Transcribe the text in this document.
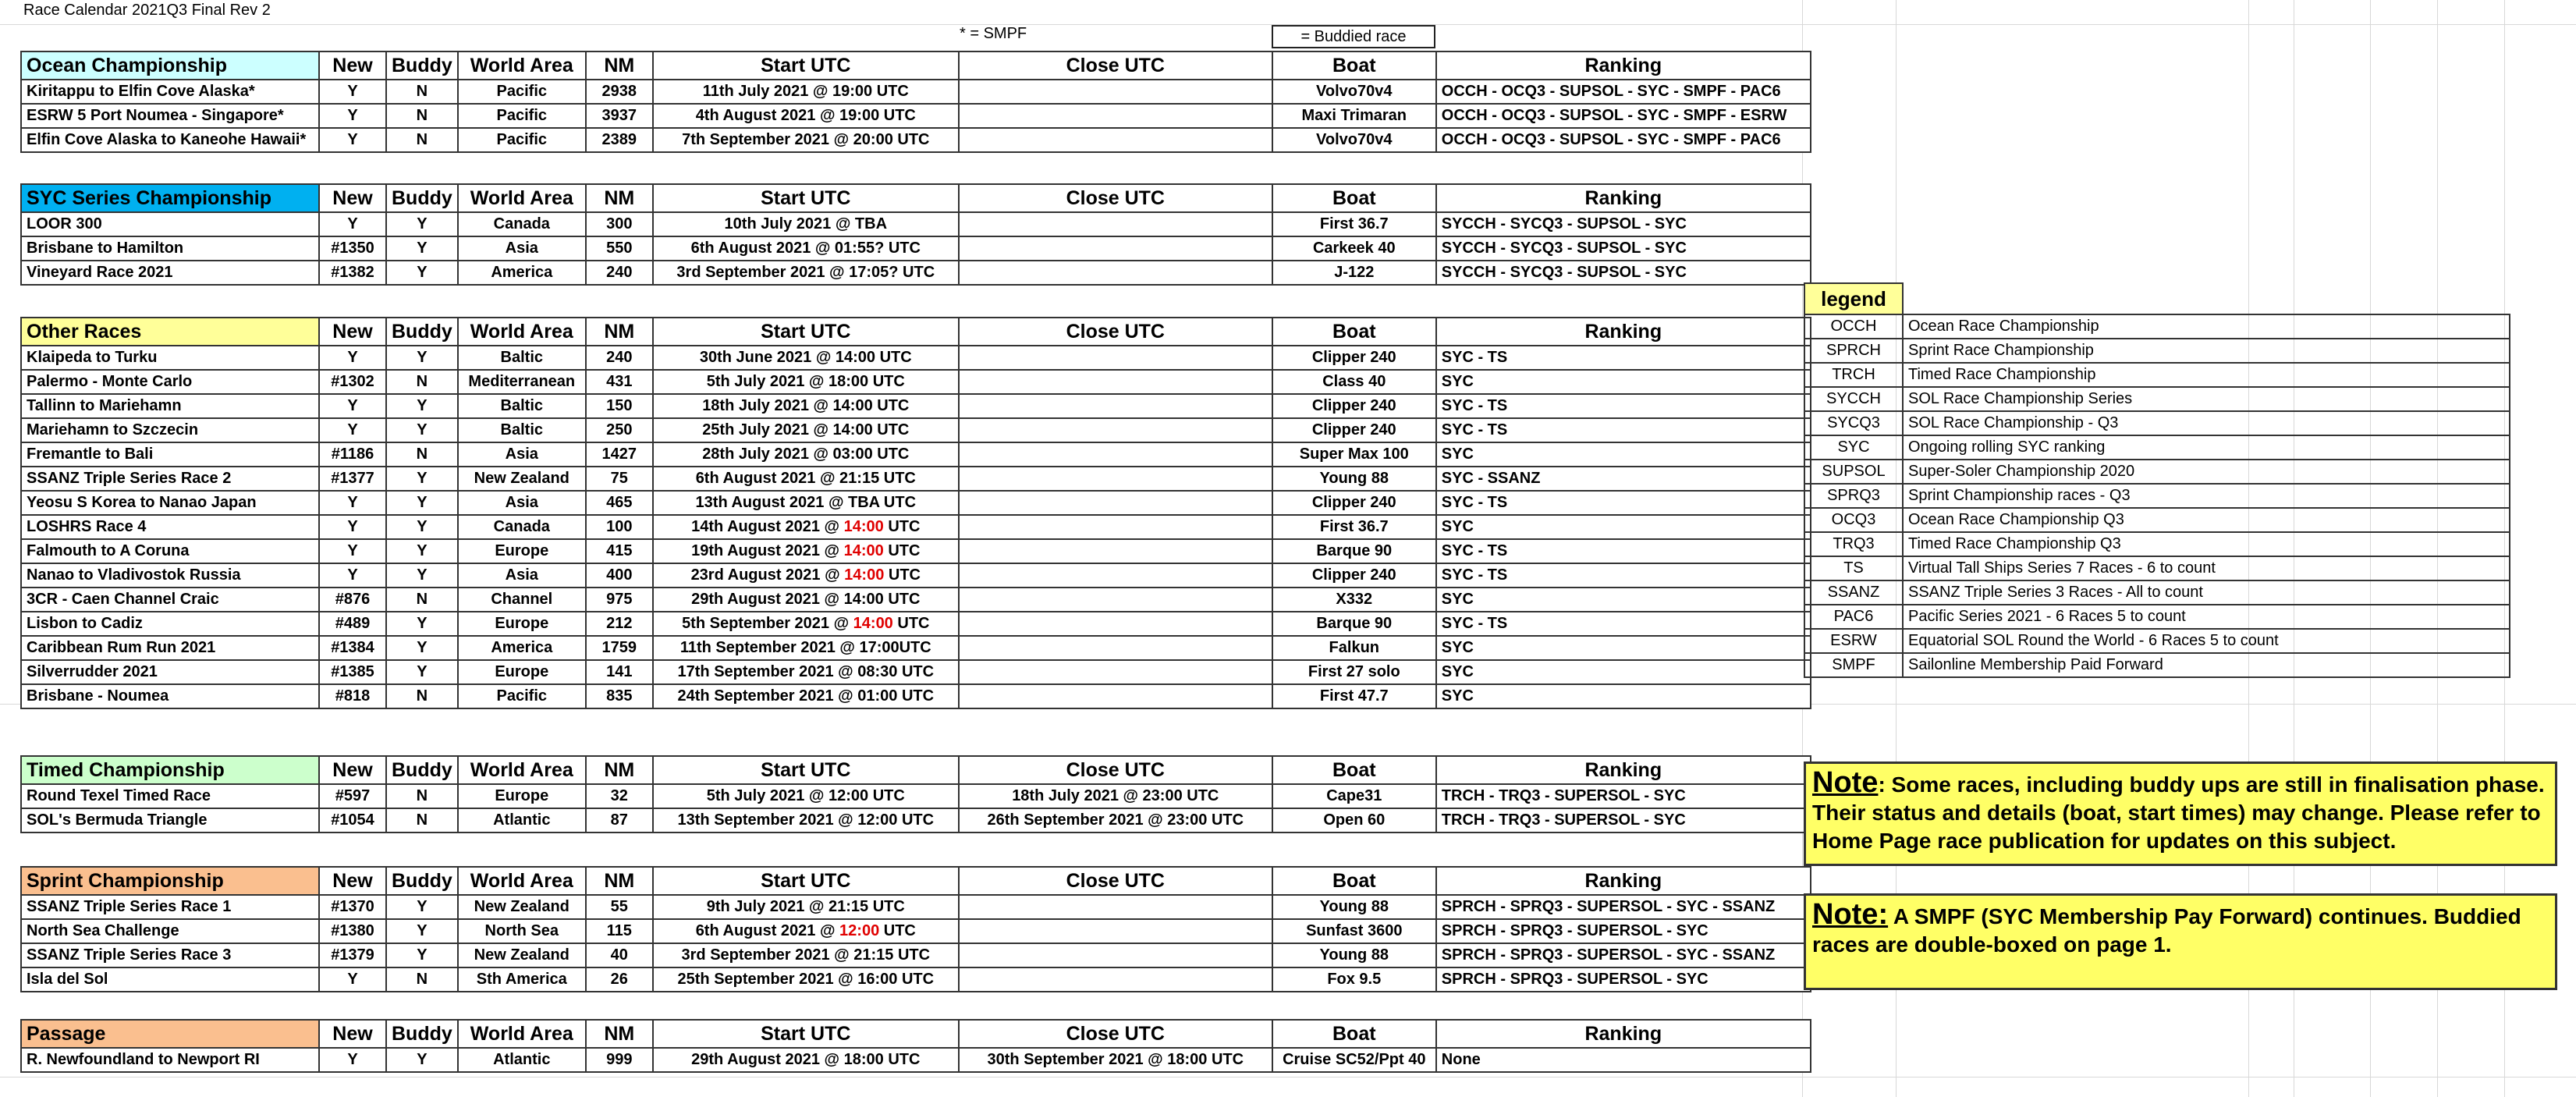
Race Calendar 2021Q3 Final Rev 2
* = SMPF	= Buddied race
Ocean Championship	New	Buddy	World Area	NM	Start UTC	Close UTC	Boat	Ranking
Kiritappu to Elfin Cove Alaska*	Y	N	Pacific	2938	11th July 2021 @ 19:00 UTC		Volvo70v4	OCCH - OCQ3 - SUPSOL - SYC - SMPF - PAC6
ESRW 5 Port Noumea - Singapore*	Y	N	Pacific	3937	4th August 2021 @ 19:00 UTC		Maxi Trimaran	OCCH - OCQ3 - SUPSOL - SYC - SMPF - ESRW
Elfin Cove Alaska to Kaneohe Hawaii*	Y	N	Pacific	2389	7th September 2021 @ 20:00 UTC		Volvo70v4	OCCH - OCQ3 - SUPSOL - SYC - SMPF - PAC6
SYC Series Championship	New	Buddy	World Area	NM	Start UTC	Close UTC	Boat	Ranking
LOOR 300	Y	Y	Canada	300	10th July 2021 @ TBA		First 36.7	SYCCH - SYCQ3 - SUPSOL - SYC
Brisbane to Hamilton	#1350	Y	Asia	550	6th August 2021 @ 01:55? UTC		Carkeek 40	SYCCH - SYCQ3 - SUPSOL - SYC
Vineyard Race 2021	#1382	Y	America	240	3rd September 2021 @ 17:05? UTC		J-122	SYCCH - SYCQ3 - SUPSOL - SYC
Other Races	New	Buddy	World Area	NM	Start UTC	Close UTC	Boat	Ranking
Klaipeda to Turku	Y	Y	Baltic	240	30th June 2021 @ 14:00 UTC		Clipper 240	SYC - TS
Palermo - Monte Carlo	#1302	N	Mediterranean	431	5th July 2021 @ 18:00 UTC		Class 40	SYC
Tallinn to Mariehamn	Y	Y	Baltic	150	18th July 2021 @ 14:00 UTC		Clipper 240	SYC - TS
Mariehamn to Szczecin	Y	Y	Baltic	250	25th July 2021 @ 14:00 UTC		Clipper 240	SYC - TS
Fremantle to Bali	#1186	N	Asia	1427	28th July 2021 @ 03:00 UTC		Super Max 100	SYC
SSANZ Triple Series Race 2	#1377	Y	New Zealand	75	6th August 2021 @ 21:15 UTC		Young 88	SYC - SSANZ
Yeosu S Korea to Nanao Japan	Y	Y	Asia	465	13th August 2021 @ TBA UTC		Clipper 240	SYC - TS
LOSHRS Race 4	Y	Y	Canada	100	14th August 2021 @ 14:00 UTC		First 36.7	SYC
Falmouth to A Coruna	Y	Y	Europe	415	19th August 2021 @ 14:00 UTC		Barque 90	SYC - TS
Nanao to Vladivostok Russia	Y	Y	Asia	400	23rd August 2021 @ 14:00 UTC		Clipper 240	SYC - TS
3CR - Caen Channel Craic	#876	N	Channel	975	29th August 2021 @ 14:00 UTC		X332	SYC
Lisbon to Cadiz	#489	Y	Europe	212	5th September 2021 @ 14:00 UTC		Barque 90	SYC - TS
Caribbean Rum Run 2021	#1384	Y	America	1759	11th September 2021 @ 17:00UTC		Falkun	SYC
Silverrudder 2021	#1385	Y	Europe	141	17th September 2021 @ 08:30 UTC		First 27 solo	SYC
Brisbane - Noumea	#818	N	Pacific	835	24th September 2021 @ 01:00 UTC		First 47.7	SYC
Timed Championship	New	Buddy	World Area	NM	Start UTC	Close UTC	Boat	Ranking
Round Texel Timed Race	#597	N	Europe	32	5th July 2021 @ 12:00 UTC	18th July 2021 @ 23:00 UTC	Cape31	TRCH - TRQ3 - SUPERSOL - SYC
SOL's Bermuda Triangle	#1054	N	Atlantic	87	13th September 2021 @ 12:00 UTC	26th September 2021 @ 23:00 UTC	Open 60	TRCH - TRQ3 - SUPERSOL - SYC
Sprint Championship	New	Buddy	World Area	NM	Start UTC	Close UTC	Boat	Ranking
SSANZ Triple Series Race 1	#1370	Y	New Zealand	55	9th July 2021 @ 21:15 UTC		Young 88	SPRCH - SPRQ3 - SUPERSOL - SYC - SSANZ
North Sea Challenge	#1380	Y	North Sea	115	6th August 2021 @ 12:00 UTC		Sunfast 3600	SPRCH - SPRQ3 - SUPERSOL - SYC
SSANZ Triple Series Race 3	#1379	Y	New Zealand	40	3rd September 2021 @ 21:15 UTC		Young 88	SPRCH - SPRQ3 - SUPERSOL - SYC - SSANZ
Isla del Sol	Y	N	Sth America	26	25th September 2021 @ 16:00 UTC		Fox 9.5	SPRCH - SPRQ3 - SUPERSOL - SYC
Passage	New	Buddy	World Area	NM	Start UTC	Close UTC	Boat	Ranking
R. Newfoundland to Newport RI	Y	Y	Atlantic	999	29th August 2021 @ 18:00 UTC	30th September 2021 @ 18:00 UTC	Cruise SC52/Ppt 40	None
legend	
OCCH	Ocean Race Championship
SPRCH	Sprint Race Championship
TRCH	Timed Race Championship
SYCCH	SOL Race Championship Series
SYCQ3	SOL Race Championship - Q3
SYC	Ongoing rolling SYC ranking
SUPSOL	Super-Soler Championship 2020
SPRQ3	Sprint Championship races - Q3
OCQ3	Ocean Race Championship Q3
TRQ3	Timed Race Championship Q3
TS	Virtual Tall Ships Series 7 Races - 6 to count
SSANZ	SSANZ Triple Series 3 Races - All to count
PAC6	Pacific Series 2021 - 6 Races 5 to count
ESRW	Equatorial SOL Round the World - 6 Races 5 to count
SMPF	Sailonline Membership Paid Forward
Note: Some races, including buddy ups are still in finalisation phase. Their status and details (boat, start times) may change. Please refer to Home Page race publication for updates on this subject.
Note: A SMPF (SYC Membership Pay Forward) continues. Buddied races are double-boxed on page 1.
